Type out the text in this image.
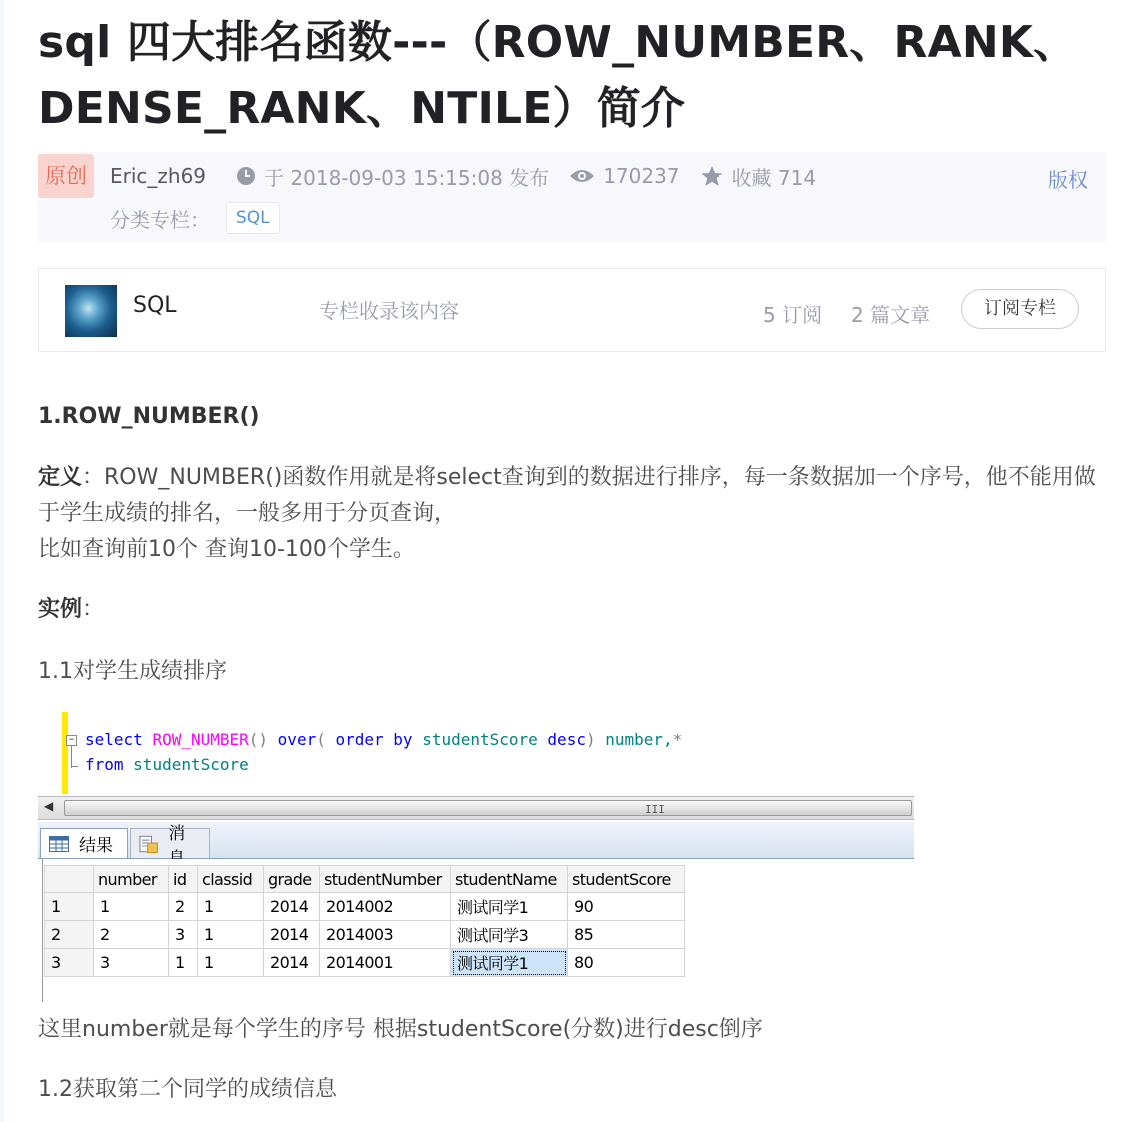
sql 四大排名函数---（ROW_NUMBER、RANK、DENSE_RANK、NTILE）简介
原创	Eric_zh69	于 2018-09-03 15:15:08 发布	170237	收藏 714	版权
分类专栏：	SQL
SQL	专栏收录该内容	5 订阅 2 篇文章	订阅专栏
1.ROW_NUMBER()

定义：ROW_NUMBER()函数作用就是将select查询到的数据进行排序，每一条数据加一个序号，他不能用做于学生成绩的排名，一般多用于分页查询，
比如查询前10个 查询10-100个学生。

实例：

1.1对学生成绩排序

− select ROW_NUMBER() over( order by studentScore desc) number,*
from studentScore
◀	III
结果
消
	number	id	classid	grade	studentNumber	studentName	studentScore
1	1	2	1	2014	2014002	测试同学1	90
2	2	3	1	2014	2014003	测试同学3	85
3	3	1	1	2014	2014001	测试同学1	80

这里number就是每个学生的序号 根据studentScore(分数)进行desc倒序

1.2获取第二个同学的成绩信息
